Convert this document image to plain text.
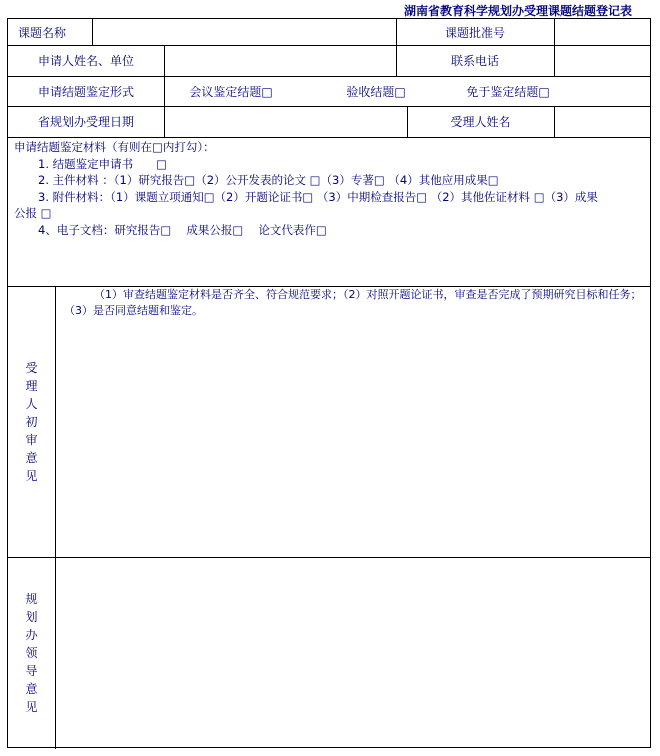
湖南省教育科学规划办受理课题结题登记表
课题名称	课题批准号
申请人姓名、单位	联系电话
申请结题鉴定形式	会议鉴定结题□	验收结题□	免于鉴定结题□
省规划办受理日期	受理人姓名
申请结题鉴定材料（有则在□内打勾）：
1. 结题鉴定申请书　　□
2. 主件材料 ：（1）研究报告□（2）公开发表的论文 □（3）专著□ （4）其他应用成果□
3. 附件材料：（1）课题立项通知□（2）开题论证书□ （3）中期检查报告□ （2）其他佐证材料 □（3）成果
公报 □
4、电子文档：研究报告□　 成果公报□　 论文代表作□
受
理
人
初
审
意
见
（1）审查结题鉴定材料是否齐全、符合规范要求；（2）对照开题论证书，审查是否完成了预期研究目标和任务；（3）是否同意结题和鉴定。
规
划
办
领
导
意
见
